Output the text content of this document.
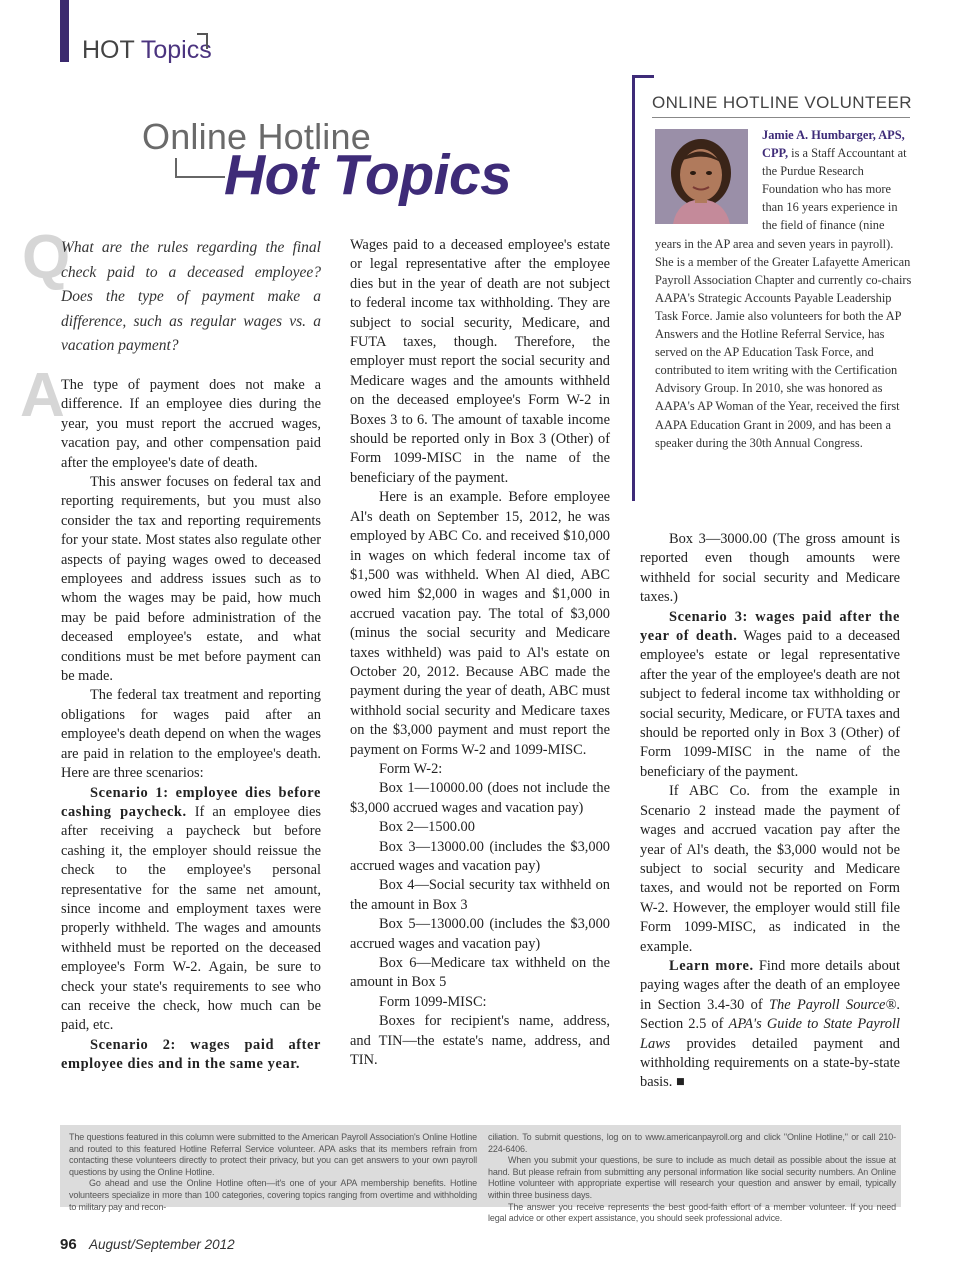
HOT Topics
Online Hotline
Hot Topics
Q
A

What are the rules regarding the final check paid to a deceased employee? Does the type of payment make a difference, such as regular wages vs. a vacation payment?

The type of payment does not make a difference. If an employee dies during the year, you must report the accrued wages, vacation pay, and other compensation paid after the employee's date of death.

This answer focuses on federal tax and reporting requirements, but you must also consider the tax and reporting requirements for your state. Most states also regulate other aspects of paying wages owed to deceased employees and address issues such as to whom the wages may be paid, how much may be paid before administration of the deceased employee's estate, and what conditions must be met before payment can be made.

The federal tax treatment and reporting obligations for wages paid after an employee's death depend on when the wages are paid in relation to the employee's death. Here are three scenarios:

Scenario 1: employee dies before cashing paycheck. If an employee dies after receiving a paycheck but before cashing it, the employer should reissue the check to the employee's personal representative for the same net amount, since income and employment taxes were properly withheld. The wages and amounts withheld must be reported on the deceased employee's Form W-2. Again, be sure to check your state's requirements to see who can receive the check, how much can be paid, etc.

Scenario 2: wages paid after employee dies and in the same year.

Wages paid to a deceased employee's estate or legal representative after the employee dies but in the year of death are not subject to federal income tax withholding. They are subject to social security, Medicare, and FUTA taxes, though. Therefore, the employer must report the social security and Medicare wages and the amounts withheld on the deceased employee's Form W-2 in Boxes 3 to 6. The amount of taxable income should be reported only in Box 3 (Other) of Form 1099-MISC in the name of the beneficiary of the payment.

Here is an example. Before employee Al's death on September 15, 2012, he was employed by ABC Co. and received $10,000 in wages on which federal income tax of $1,500 was withheld. When Al died, ABC owed him $2,000 in wages and $1,000 in accrued vacation pay. The total of $3,000 (minus the social security and Medicare taxes withheld) was paid to Al's estate on October 20, 2012. Because ABC made the payment during the year of death, ABC must withhold social security and Medicare taxes on the $3,000 payment and must report the payment on Forms W-2 and 1099-MISC.

Form W-2:

Box 1—10000.00 (does not include the $3,000 accrued wages and vacation pay)

Box 2—1500.00

Box 3—13000.00 (includes the $3,000 accrued wages and vacation pay)

Box 4—Social security tax withheld on the amount in Box 3

Box 5—13000.00 (includes the $3,000 accrued wages and vacation pay)

Box 6—Medicare tax withheld on the amount in Box 5

Form 1099-MISC:

Boxes for recipient's name, address, and TIN—the estate's name, address, and TIN.

Box 3—3000.00 (The gross amount is reported even though amounts were withheld for social security and Medicare taxes.)

Scenario 3: wages paid after the year of death. Wages paid to a deceased employee's estate or legal representative after the year of the employee's death are not subject to federal income tax withholding or social security, Medicare, or FUTA taxes and should be reported only in Box 3 (Other) of Form 1099-MISC in the name of the beneficiary of the payment.

If ABC Co. from the example in Scenario 2 instead made the payment of wages and accrued vacation pay after the year of Al's death, the $3,000 would not be subject to social security and Medicare taxes, and would not be reported on Form W-2. However, the employer would still file Form 1099-MISC, as indicated in the example.

Learn more. Find more details about paying wages after the death of an employee in Section 3.4-30 of The Payroll Source®. Section 2.5 of APA's Guide to State Payroll Laws provides detailed payment and withholding requirements on a state-by-state basis. ■

ONLINE HOTLINE VOLUNTEER
Jamie A. Humbarger, APS, CPP, is a Staff Accountant at the Purdue Research Foundation who has more than 16 years experience in the field of finance (nine years in the AP area and seven years in payroll). She is a member of the Greater Lafayette American Payroll Association Chapter and currently co-chairs AAPA's Strategic Accounts Payable Leadership Task Force. Jamie also volunteers for both the AP Answers and the Hotline Referral Service, has served on the AP Education Task Force, and contributed to item writing with the Certification Advisory Group. In 2010, she was honored as AAPA's AP Woman of the Year, received the first AAPA Education Grant in 2009, and has been a speaker during the 30th Annual Congress.

The questions featured in this column were submitted to the American Payroll Association's Online Hotline and routed to this featured Hotline Referral Service volunteer. APA asks that its members refrain from contacting these volunteers directly to protect their privacy, but you can get answers to your own payroll questions by using the Online Hotline.

Go ahead and use the Online Hotline often—it's one of your APA membership benefits. Hotline volunteers specialize in more than 100 categories, covering topics ranging from overtime and withholding to military pay and recon-

ciliation. To submit questions, log on to www.americanpayroll.org and click "Online Hotline," or call 210-224-6406.

When you submit your questions, be sure to include as much detail as possible about the issue at hand. But please refrain from submitting any personal information like social security numbers. An Online Hotline volunteer with appropriate expertise will research your question and answer by email, typically within three business days.

The answer you receive represents the best good-faith effort of a member volunteer. If you need legal advice or other expert assistance, you should seek professional advice.

96 August/September 2012
